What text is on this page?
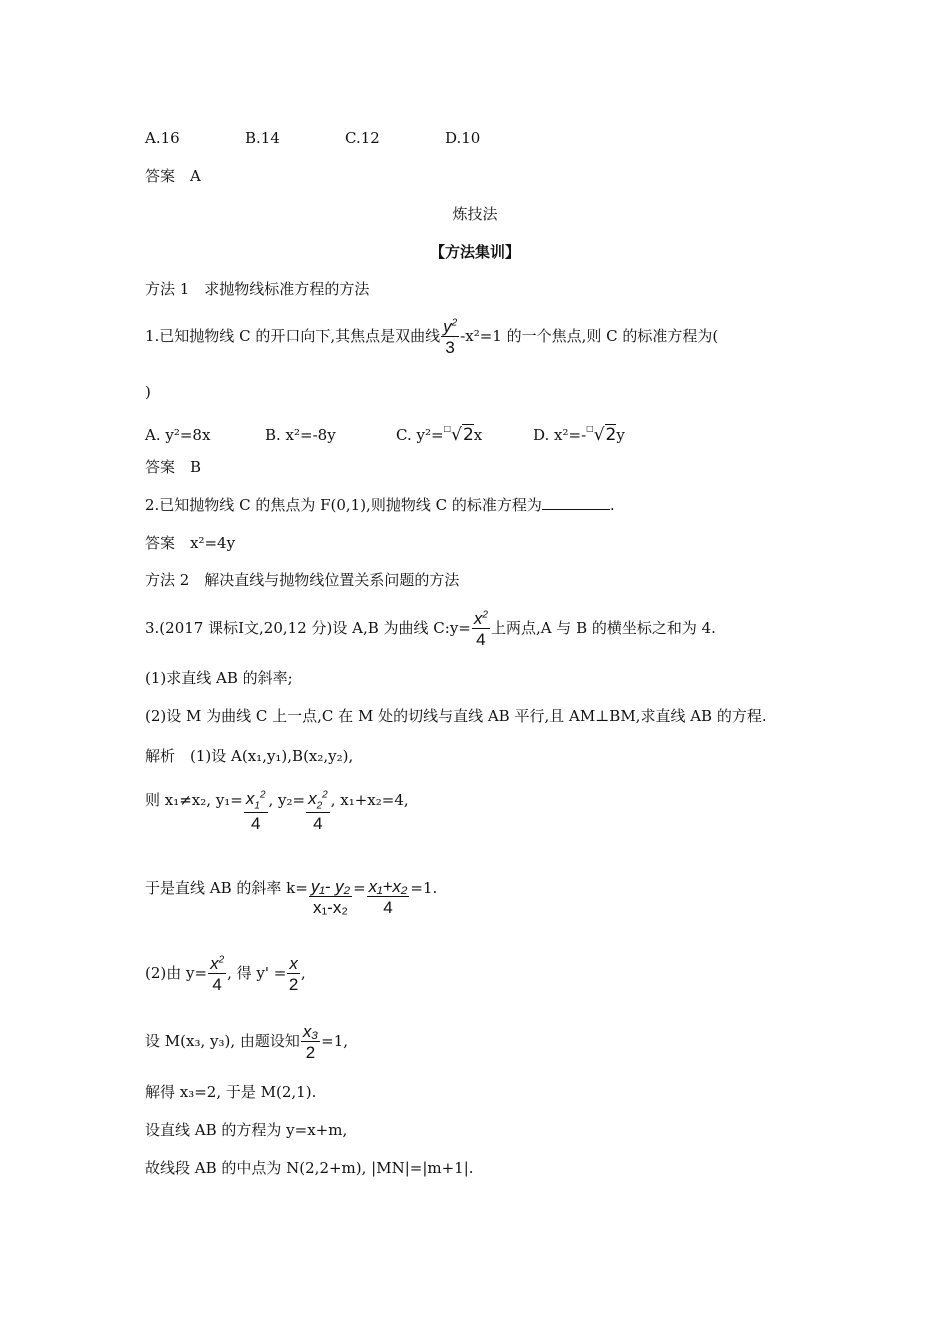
A.16	B.14	C.12	D.10
答案　A
炼技法
【方法集训】
方法 1　求抛物线标准方程的方法
1.已知抛物线 C 的开口向下,其焦点是双曲线 $\frac{y^2}{3} -x^2=1$ 的一个焦点,则 C 的标准方程为(
)
A. y²=8x	B. x²=-8y	C. y²=□√2x	D. x²=-□√2y
答案　B
2.已知抛物线 C 的焦点为 F(0,1),则抛物线 C 的标准方程为	.
答案　x²=4y
方法 2　解决直线与抛物线位置关系问题的方法
3.(2017 课标Ⅰ文,20,12 分)设 A,B 为曲线 C:y= $\frac{x^2}{4}$ 上两点,A 与 B 的横坐标之和为 4.
(1)求直线 AB 的斜率;
(2)设 M 为曲线 C 上一点,C 在 M 处的切线与直线 AB 平行,且 AM⊥BM,求直线 AB 的方程.
解析　(1)设 A(x₁,y₁),B(x₂,y₂),
则 x₁≠x₂, $y_1= \frac{x_1^2}{4}$ , $y_2= \frac{x_2^2}{4}$ , x₁+x₂=4,
于是直线 AB 的斜率 $k= \frac{\text{y₁- y₂}}{\text{x₁-x₂}} = \frac{\text{x₁+x₂}}{4} =1$.
(2)由 $y= \frac{x^2}{4}$ , 得 $y' = \frac{x}{2}$ ,
设 M(x₃, y₃), 由题设知 $\frac{\text{x₃}}{2} =1$,
解得 x₃=2, 于是 M(2,1).
设直线 AB 的方程为 y=x+m,
故线段 AB 的中点为 N(2,2+m), |MN|=|m+1|.
